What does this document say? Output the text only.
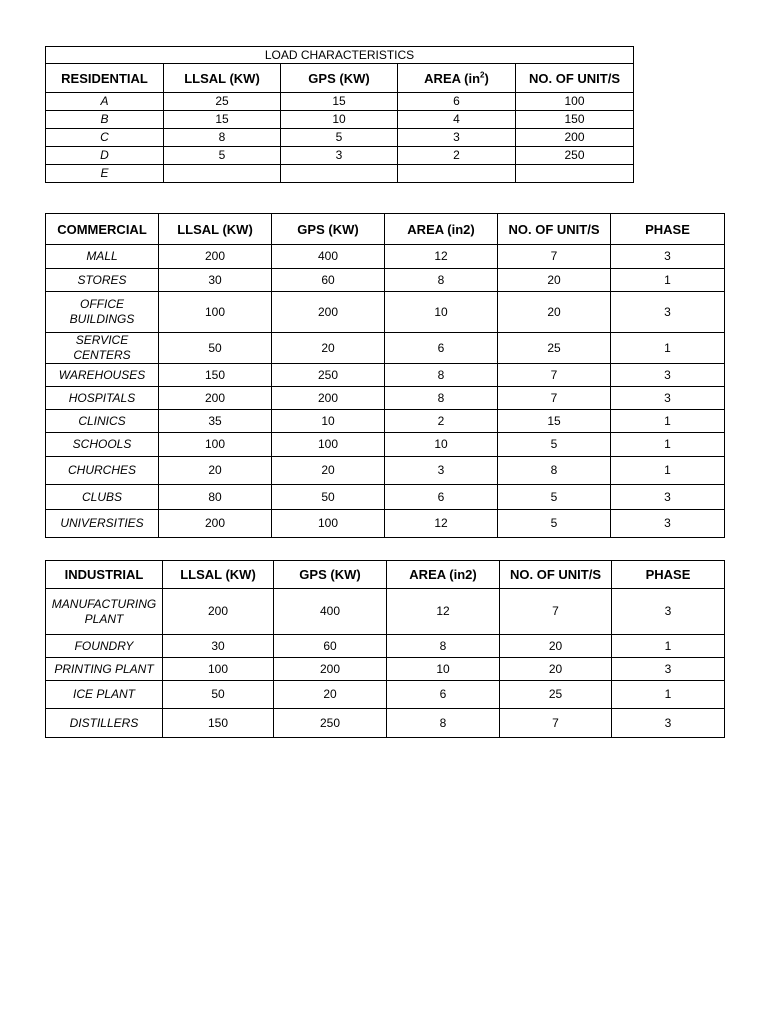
LOAD CHARACTERISTICS				
RESIDENTIAL	LLSAL (KW)	GPS (KW)	AREA $(in^2)$	NO. OF UNIT/S
A	25	15	6	100
B	15	10	4	150
C	8	5	3	200
D	5	3	2	250
E				
COMMERCIAL	LLSAL (KW)	GPS (KW)	AREA (in2)	NO. OF UNIT/S	PHASE
MALL	200	400	12	7	3
STORES	30	60	8	20	1
OFFICE BUILDINGS	100	200	10	20	3
SERVICE CENTERS	50	20	6	25	1
WAREHOUSES	150	250	8	7	3
HOSPITALS	200	200	8	7	3
CLINICS	35	10	2	15	1
SCHOOLS	100	100	10	5	1
CHURCHES	20	20	3	8	1
CLUBS	80	50	6	5	3
UNIVERSITIES	200	100	12	5	3
INDUSTRIAL	LLSAL (KW)	GPS (KW)	AREA (in2)	NO. OF UNIT/S	PHASE
MANUFACTURING PLANT	200	400	12	7	3
FOUNDRY	30	60	8	20	1
PRINTING PLANT	100	200	10	20	3
ICE PLANT	50	20	6	25	1
DISTILLERS	150	250	8	7	3
